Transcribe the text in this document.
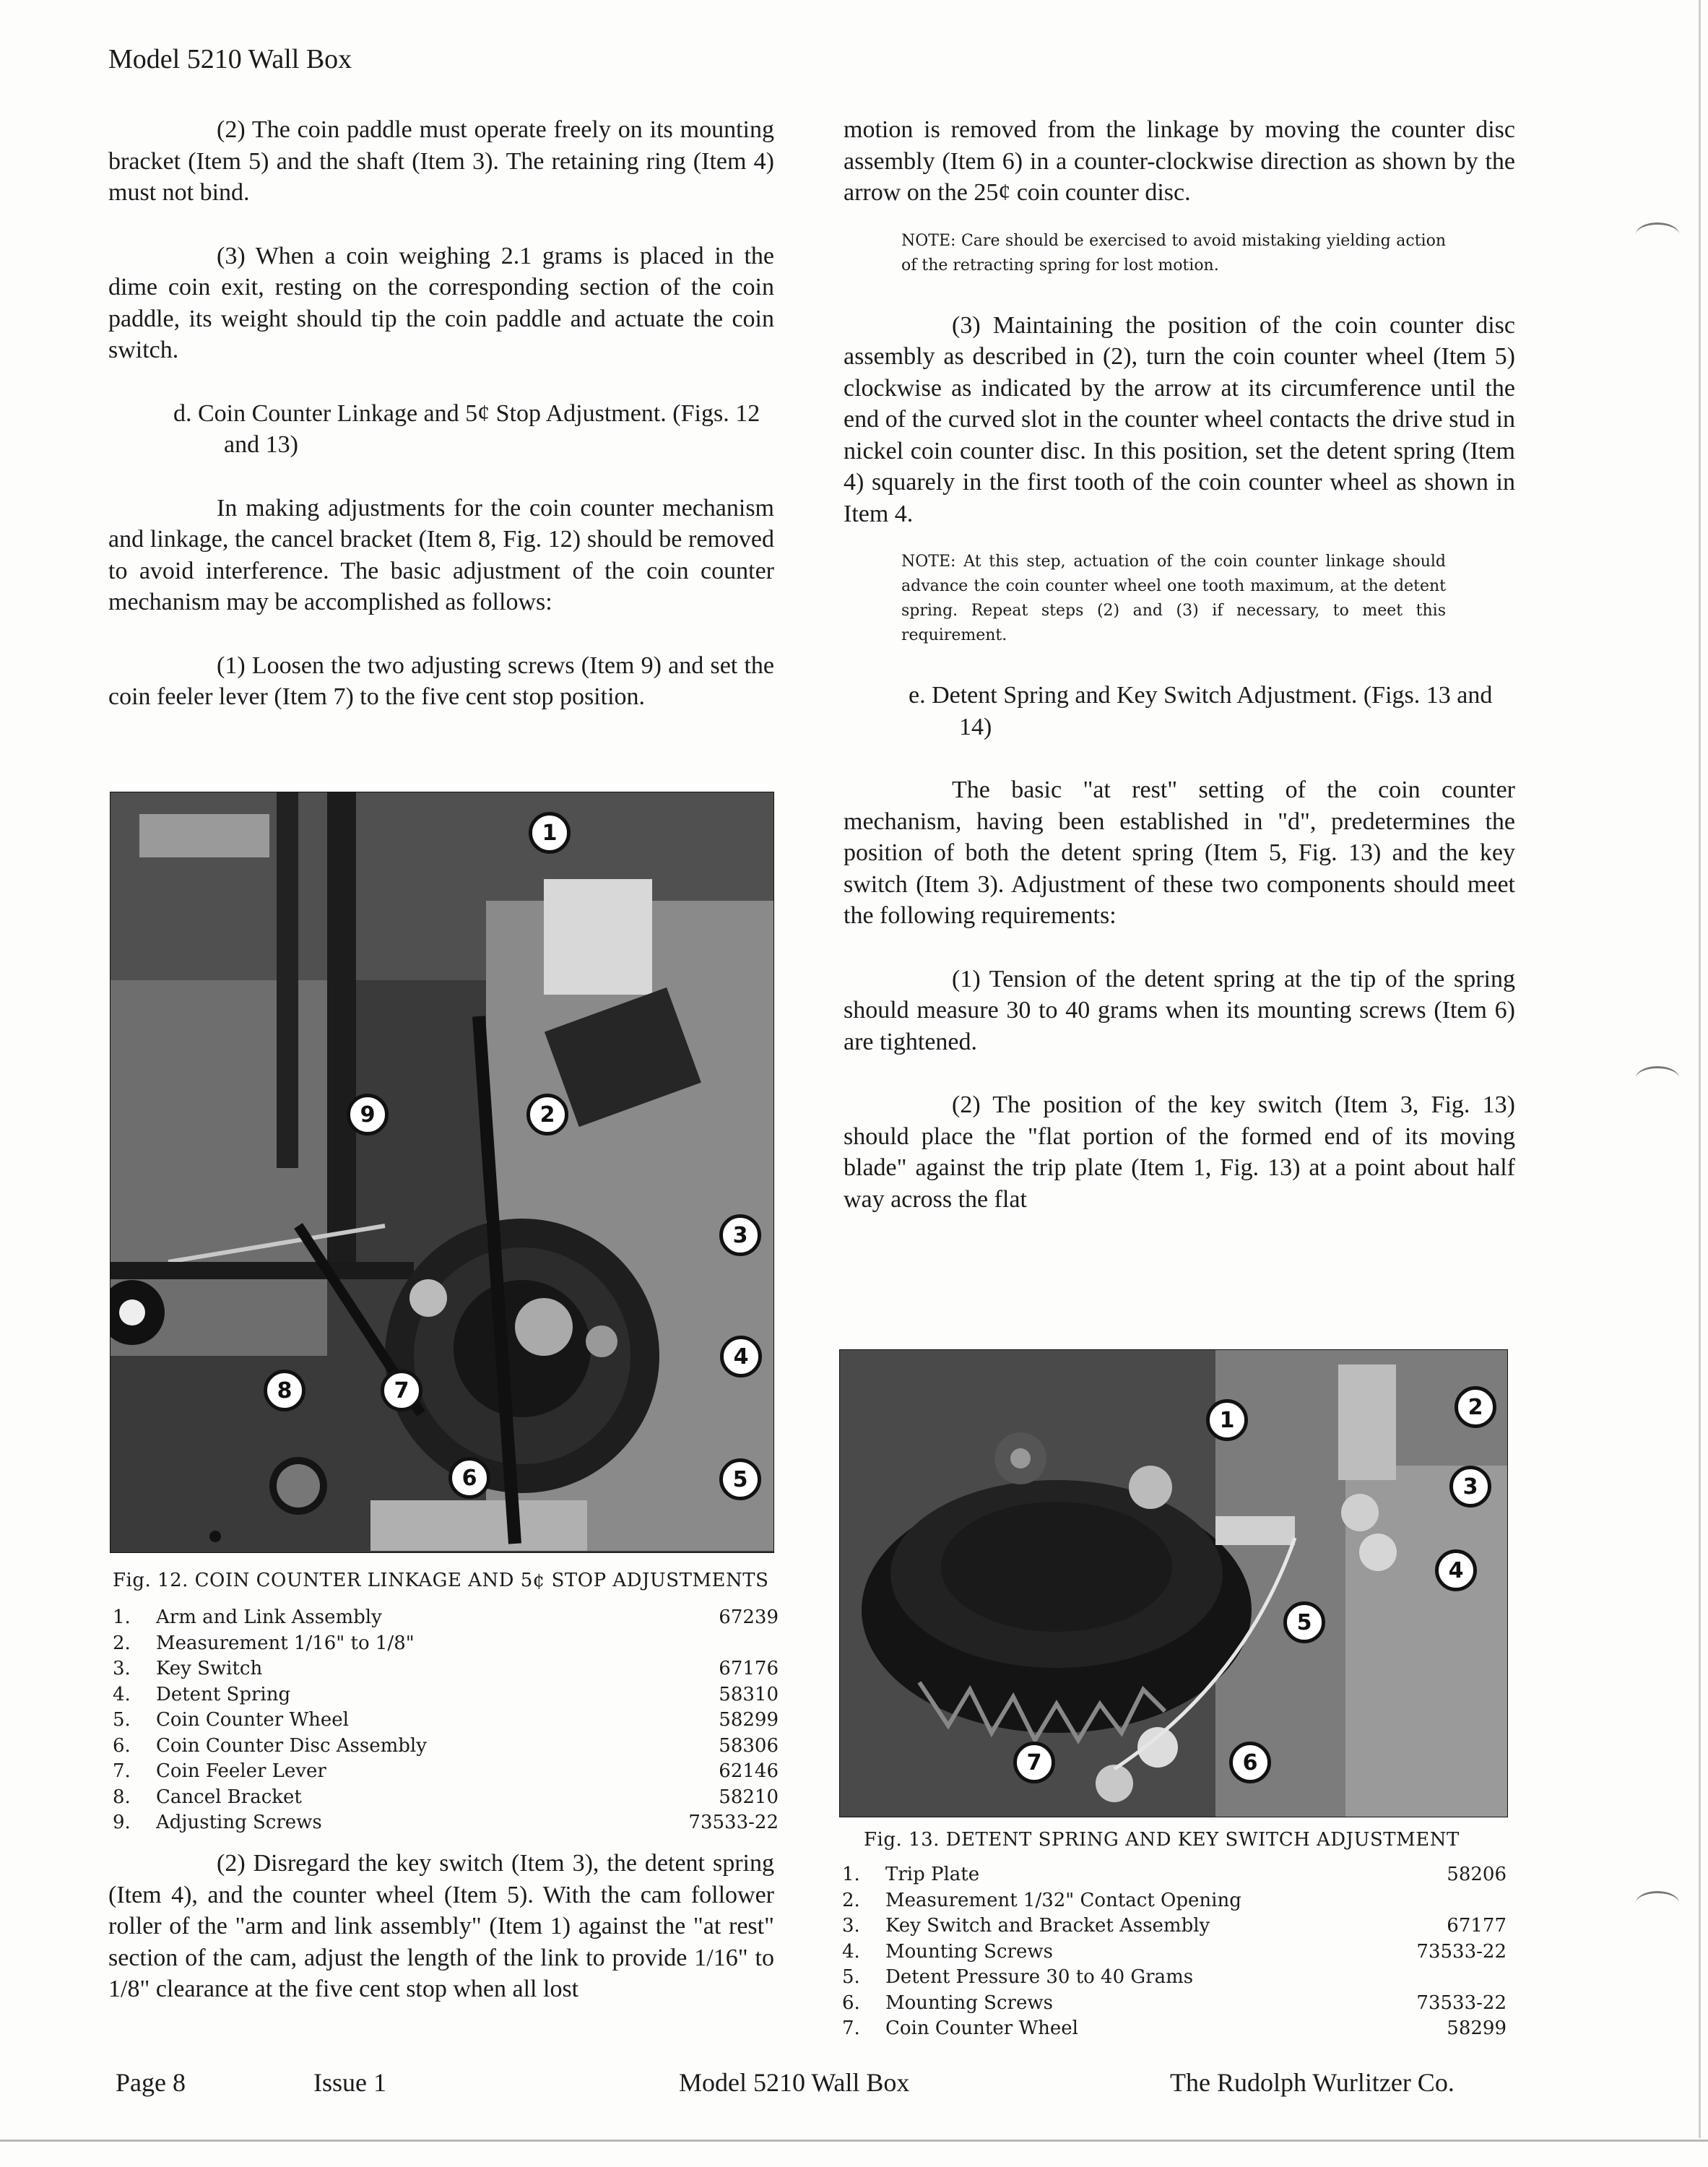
Model 5210 Wall Box

(2) The coin paddle must operate freely on its mounting bracket (Item 5) and the shaft (Item 3). The retaining ring (Item 4) must not bind.

(3) When a coin weighing 2.1 grams is placed in the dime coin exit, resting on the corresponding section of the coin paddle, its weight should tip the coin paddle and actuate the coin switch.

d. Coin Counter Linkage and 5¢ Stop Adjustment. (Figs. 12 and 13)

In making adjustments for the coin counter mechanism and linkage, the cancel bracket (Item 8, Fig. 12) should be removed to avoid interference. The basic adjustment of the coin counter mechanism may be accomplished as follows:

(1) Loosen the two adjusting screws (Item 9) and set the coin feeler lever (Item 7) to the five cent stop position.

1
2
3
4
5
6
7
8
9
Fig. 12. COIN COUNTER LINKAGE AND 5¢ STOP ADJUSTMENTS
1.	Arm and Link Assembly	67239
2.	Measurement 1/16" to 1/8"
3.	Key Switch	67176
4.	Detent Spring	58310
5.	Coin Counter Wheel	58299
6.	Coin Counter Disc Assembly	58306
7.	Coin Feeler Lever	62146
8.	Cancel Bracket	58210
9.	Adjusting Screws	73533-22

(2) Disregard the key switch (Item 3), the detent spring (Item 4), and the counter wheel (Item 5). With the cam follower roller of the "arm and link assembly" (Item 1) against the "at rest" section of the cam, adjust the length of the link to provide 1/16" to 1/8" clearance at the five cent stop when all lost

motion is removed from the linkage by moving the counter disc assembly (Item 6) in a counter-clockwise direction as shown by the arrow on the 25¢ coin counter disc.

NOTE: Care should be exercised to avoid mistaking yielding action of the retracting spring for lost motion.

(3) Maintaining the position of the coin counter disc assembly as described in (2), turn the coin counter wheel (Item 5) clockwise as indicated by the arrow at its circumference until the end of the curved slot in the counter wheel contacts the drive stud in nickel coin counter disc. In this position, set the detent spring (Item 4) squarely in the first tooth of the coin counter wheel as shown in Item 4.

NOTE: At this step, actuation of the coin counter linkage should advance the coin counter wheel one tooth maximum, at the detent spring. Repeat steps (2) and (3) if necessary, to meet this requirement.

e. Detent Spring and Key Switch Adjustment. (Figs. 13 and 14)

The basic "at rest" setting of the coin counter mechanism, having been established in "d", predetermines the position of both the detent spring (Item 5, Fig. 13) and the key switch (Item 3). Adjustment of these two components should meet the following requirements:

(1) Tension of the detent spring at the tip of the spring should measure 30 to 40 grams when its mounting screws (Item 6) are tightened.

(2) The position of the key switch (Item 3, Fig. 13) should place the "flat portion of the formed end of its moving blade" against the trip plate (Item 1, Fig. 13) at a point about half way across the flat

1
2
3
4
5
6
7
Fig. 13. DETENT SPRING AND KEY SWITCH ADJUSTMENT
1.	Trip Plate	58206
2.	Measurement 1/32" Contact Opening
3.	Key Switch and Bracket Assembly	67177
4.	Mounting Screws	73533-22
5.	Detent Pressure 30 to 40 Grams
6.	Mounting Screws	73533-22
7.	Coin Counter Wheel	58299
Page 8	Issue 1	Model 5210 Wall Box	The Rudolph Wurlitzer Co.
